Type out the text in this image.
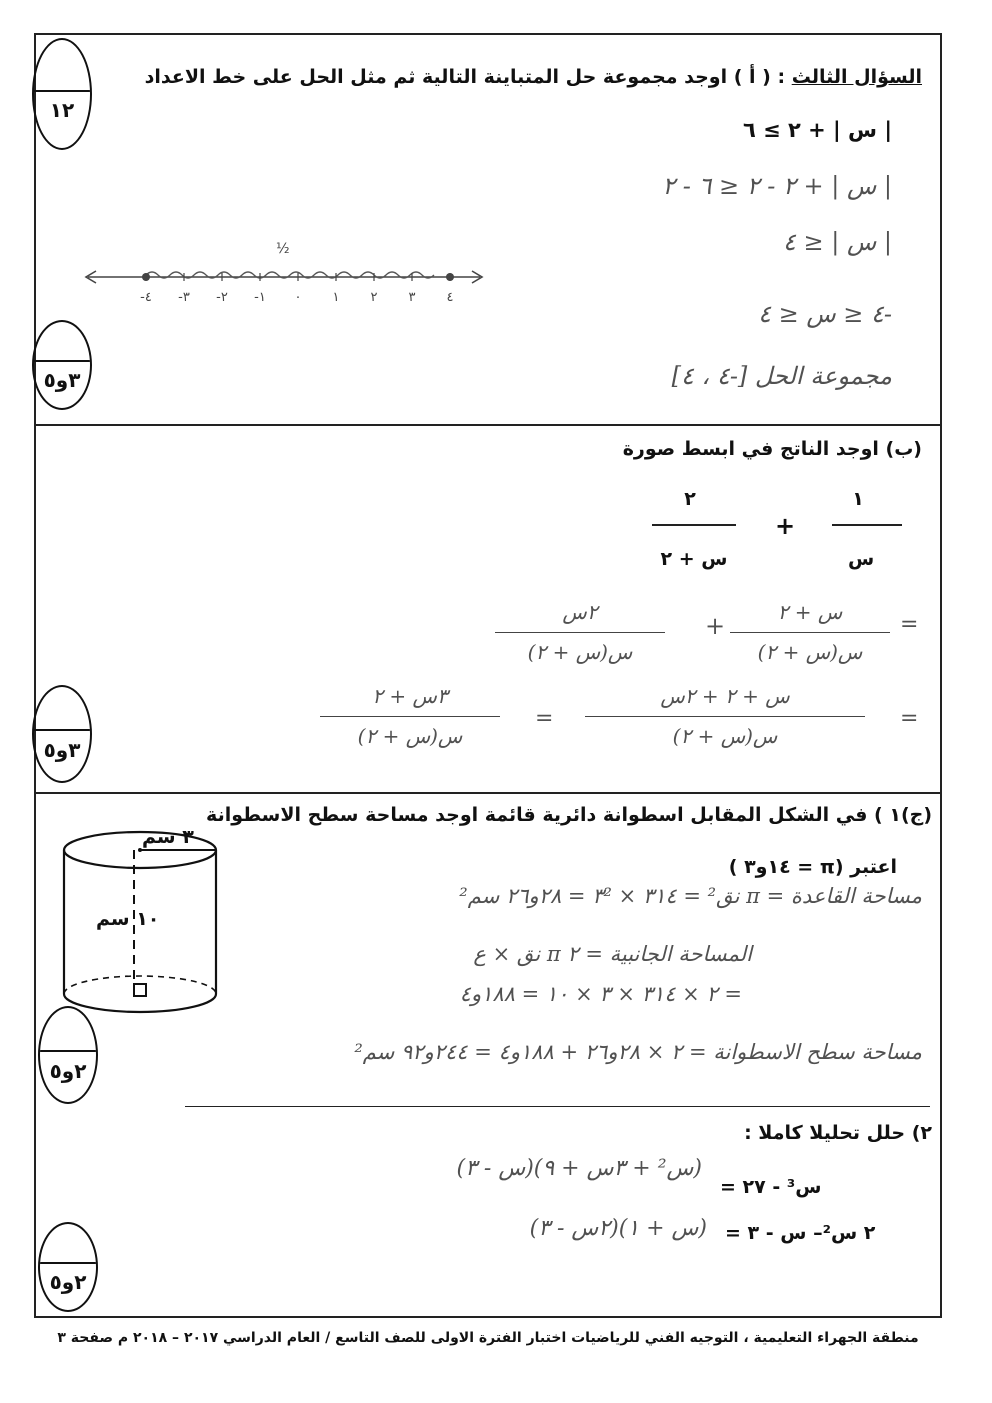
١٢
٣و٥
٣و٥
٢و٥
٢و٥
السؤال الثالث : ( أ ) اوجد مجموعة حل المتباينة التالية ثم مثل الحل على خط الاعداد
| س | + ٢ ≥ ٦
| س | + ٢ - ٢ ≤ ٦ - ٢
| س | ≤ ٤
-٤ ≤ س ≤ ٤
مجموعة الحل [-٤ ، ٤]
½
-٤ -٣ -٢ -١ ٠ ١ ٢ ٣ ٤
(ب) اوجد الناتج في ابسط صورة
١
س
+
٢
س + ٢
=
س + ٢
س(س + ٢)
+
٢س
س(س + ٢)
=
س + ٢ + ٢س
س(س + ٢)
=
٣س + ٢
س(س + ٢)
(ج)١ ) في الشكل المقابل اسطوانة دائرية قائمة اوجد مساحة سطح الاسطوانة
اعتبر (π = ١٤و٣ )
٣ سم
١٠ سم
مساحة القاعدة = π نق² = ٣١٤ × ٣² = ٢٨و٢٦ سم²
المساحة الجانبية = ٢ π نق × ع
= ٢ × ٣١٤ × ٣ × ١٠ = ١٨٨و٤
مساحة سطح الاسطوانة = ٢ × ٢٨و٢٦ + ١٨٨و٤ = ٢٤٤و٩٢ سم²
٢) حلل تحليلا كاملا :
س³ - ٢٧ =
(س - ٣)(س² + ٣س + ٩)
٢ س²– س - ٣ =
(٢س - ٣)(س + ١)
منطقة الجهراء التعليمية ، التوجيه الفني للرياضيات اختبار الفترة الاولى للصف التاسع / العام الدراسي ٢٠١٧ – ٢٠١٨ م صفحة ٣
